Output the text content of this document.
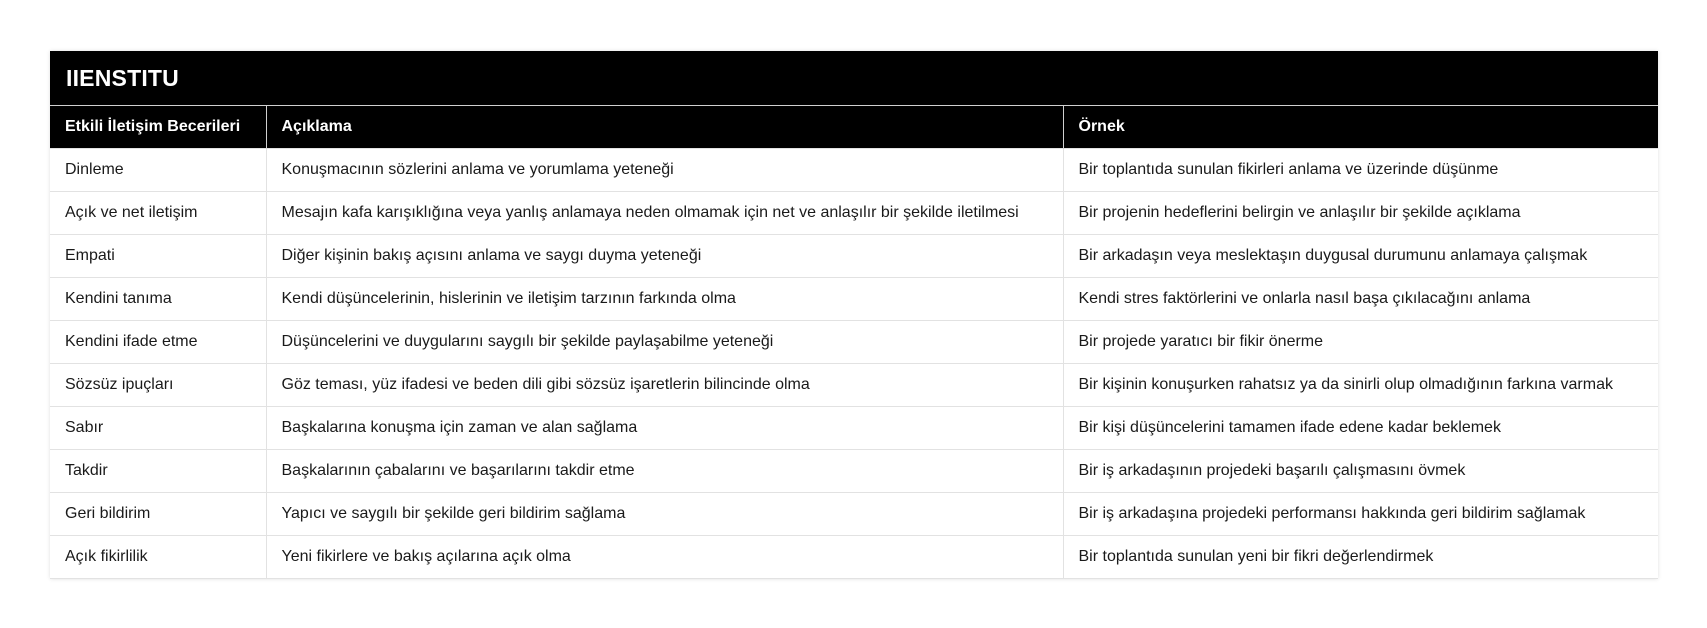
IIENSTITU
Etkili İletişim Becerileri	Açıklama	Örnek
Dinleme	Konuşmacının sözlerini anlama ve yorumlama yeteneği	Bir toplantıda sunulan fikirleri anlama ve üzerinde düşünme
Açık ve net iletişim	Mesajın kafa karışıklığına veya yanlış anlamaya neden olmamak için net ve anlaşılır bir şekilde iletilmesi	Bir projenin hedeflerini belirgin ve anlaşılır bir şekilde açıklama
Empati	Diğer kişinin bakış açısını anlama ve saygı duyma yeteneği	Bir arkadaşın veya meslektaşın duygusal durumunu anlamaya çalışmak
Kendini tanıma	Kendi düşüncelerinin, hislerinin ve iletişim tarzının farkında olma	Kendi stres faktörlerini ve onlarla nasıl başa çıkılacağını anlama
Kendini ifade etme	Düşüncelerini ve duygularını saygılı bir şekilde paylaşabilme yeteneği	Bir projede yaratıcı bir fikir önerme
Sözsüz ipuçları	Göz teması, yüz ifadesi ve beden dili gibi sözsüz işaretlerin bilincinde olma	Bir kişinin konuşurken rahatsız ya da sinirli olup olmadığının farkına varmak
Sabır	Başkalarına konuşma için zaman ve alan sağlama	Bir kişi düşüncelerini tamamen ifade edene kadar beklemek
Takdir	Başkalarının çabalarını ve başarılarını takdir etme	Bir iş arkadaşının projedeki başarılı çalışmasını övmek
Geri bildirim	Yapıcı ve saygılı bir şekilde geri bildirim sağlama	Bir iş arkadaşına projedeki performansı hakkında geri bildirim sağlamak
Açık fikirlilik	Yeni fikirlere ve bakış açılarına açık olma	Bir toplantıda sunulan yeni bir fikri değerlendirmek
